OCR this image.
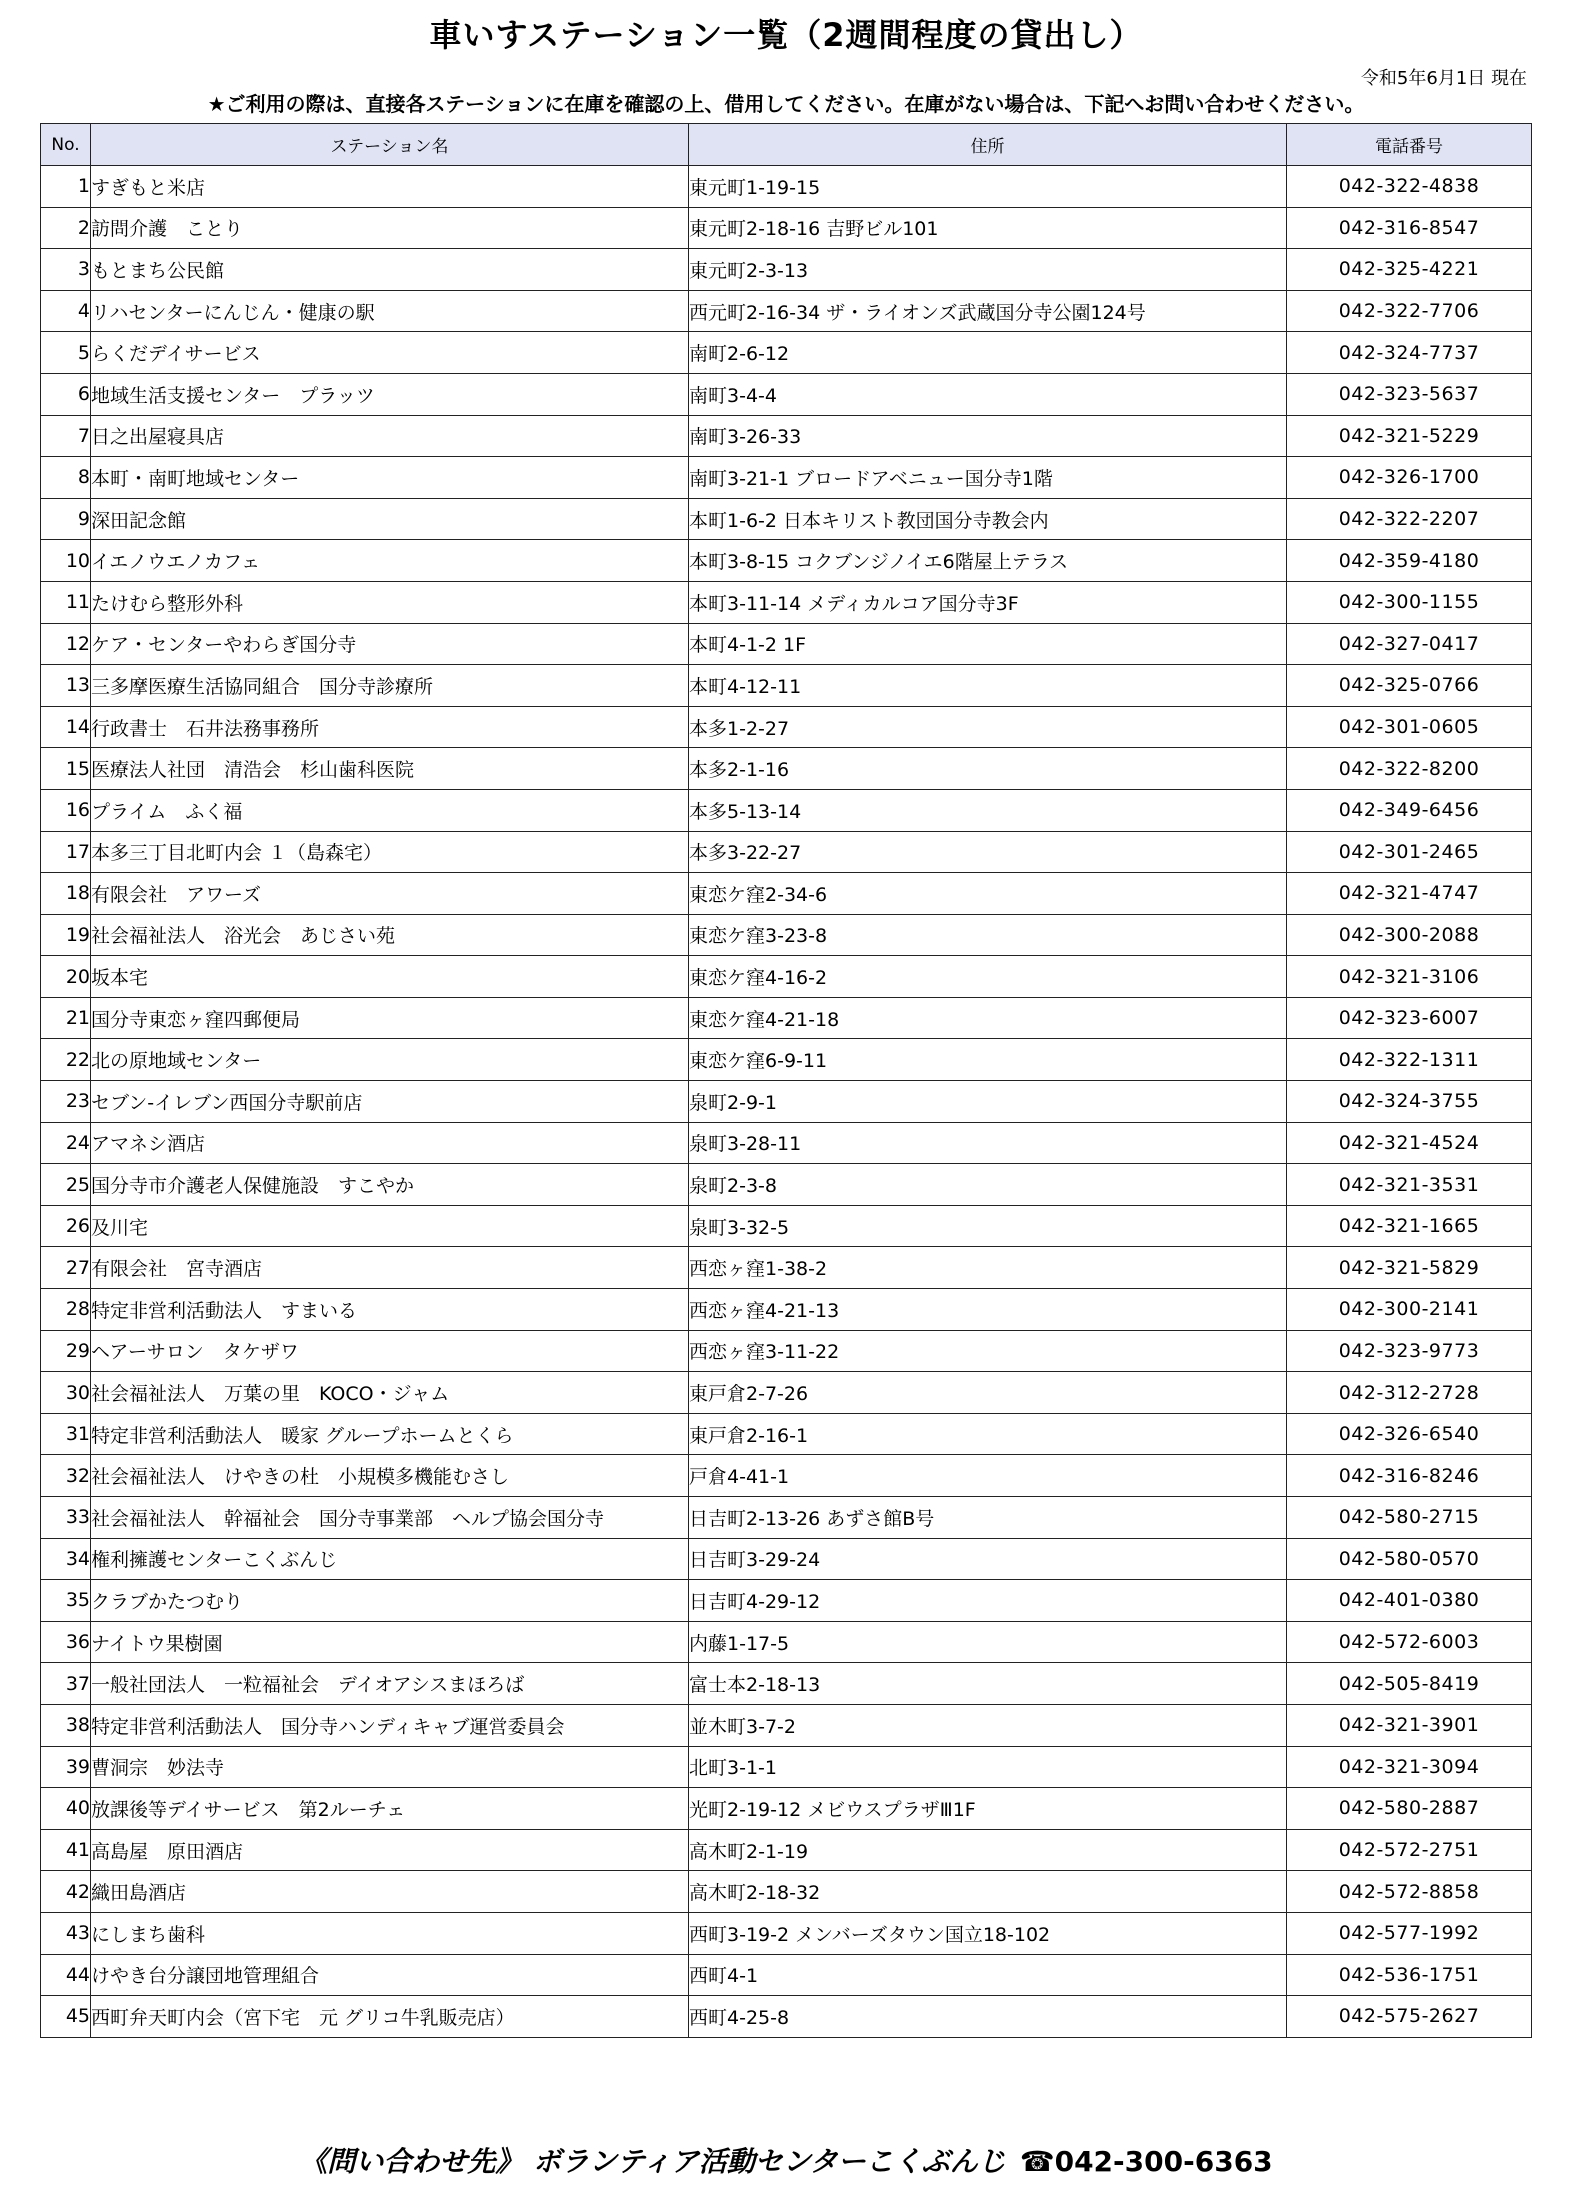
車いすステーション一覧（2週間程度の貸出し）
令和5年6月1日 現在
★ご利用の際は、直接各ステーションに在庫を確認の上、借用してください。在庫がない場合は、下記へお問い合わせください。
No.	ステーション名	住所	電話番号
1	すぎもと米店	東元町1-19-15	042-322-4838
2	訪問介護　ことり	東元町2-18-16 吉野ビル101	042-316-8547
3	もとまち公民館	東元町2-3-13	042-325-4221
4	リハセンターにんじん・健康の駅	西元町2-16-34 ザ・ライオンズ武蔵国分寺公園124号	042-322-7706
5	らくだデイサービス	南町2-6-12	042-324-7737
6	地域生活支援センター　プラッツ	南町3-4-4	042-323-5637
7	日之出屋寝具店	南町3-26-33	042-321-5229
8	本町・南町地域センター	南町3-21-1 ブロードアベニュー国分寺1階	042-326-1700
9	深田記念館	本町1-6-2 日本キリスト教団国分寺教会内	042-322-2207
10	イエノウエノカフェ	本町3-8-15 コクブンジノイエ6階屋上テラス	042-359-4180
11	たけむら整形外科	本町3-11-14 メディカルコア国分寺3F	042-300-1155
12	ケア・センターやわらぎ国分寺	本町4-1-2 1F	042-327-0417
13	三多摩医療生活協同組合　国分寺診療所	本町4-12-11	042-325-0766
14	行政書士　石井法務事務所	本多1-2-27	042-301-0605
15	医療法人社団　清浩会　杉山歯科医院	本多2-1-16	042-322-8200
16	プライム　ふく福	本多5-13-14	042-349-6456
17	本多三丁目北町内会 １（島森宅）	本多3-22-27	042-301-2465
18	有限会社　アワーズ	東恋ケ窪2-34-6	042-321-4747
19	社会福祉法人　浴光会　あじさい苑	東恋ケ窪3-23-8	042-300-2088
20	坂本宅	東恋ケ窪4-16-2	042-321-3106
21	国分寺東恋ヶ窪四郵便局	東恋ケ窪4-21-18	042-323-6007
22	北の原地域センター	東恋ケ窪6-9-11	042-322-1311
23	セブン-イレブン西国分寺駅前店	泉町2-9-1	042-324-3755
24	アマネシ酒店	泉町3-28-11	042-321-4524
25	国分寺市介護老人保健施設　すこやか	泉町2-3-8	042-321-3531
26	及川宅	泉町3-32-5	042-321-1665
27	有限会社　宮寺酒店	西恋ヶ窪1-38-2	042-321-5829
28	特定非営利活動法人　すまいる	西恋ヶ窪4-21-13	042-300-2141
29	ヘアーサロン　タケザワ	西恋ヶ窪3-11-22	042-323-9773
30	社会福祉法人　万葉の里　KOCO・ジャム	東戸倉2-7-26	042-312-2728
31	特定非営利活動法人　暖家 グループホームとくら	東戸倉2-16-1	042-326-6540
32	社会福祉法人　けやきの杜　小規模多機能むさし	戸倉4-41-1	042-316-8246
33	社会福祉法人　幹福祉会　国分寺事業部　ヘルプ協会国分寺	日吉町2-13-26 あずさ館B号	042-580-2715
34	権利擁護センターこくぶんじ	日吉町3-29-24	042-580-0570
35	クラブかたつむり	日吉町4-29-12	042-401-0380
36	ナイトウ果樹園	内藤1-17-5	042-572-6003
37	一般社団法人　一粒福祉会　デイオアシスまほろば	富士本2-18-13	042-505-8419
38	特定非営利活動法人　国分寺ハンディキャブ運営委員会	並木町3-7-2	042-321-3901
39	曹洞宗　妙法寺	北町3-1-1	042-321-3094
40	放課後等デイサービス　第2ルーチェ	光町2-19-12 メビウスプラザⅢ1F	042-580-2887
41	高島屋　原田酒店	高木町2-1-19	042-572-2751
42	織田島酒店	高木町2-18-32	042-572-8858
43	にしまち歯科	西町3-19-2 メンバーズタウン国立18-102	042-577-1992
44	けやき台分譲団地管理組合	西町4-1	042-536-1751
45	西町弁天町内会（宮下宅　元 グリコ牛乳販売店）	西町4-25-8	042-575-2627
《問い合わせ先》 ボランティア活動センターこくぶんじ ☎042-300-6363
